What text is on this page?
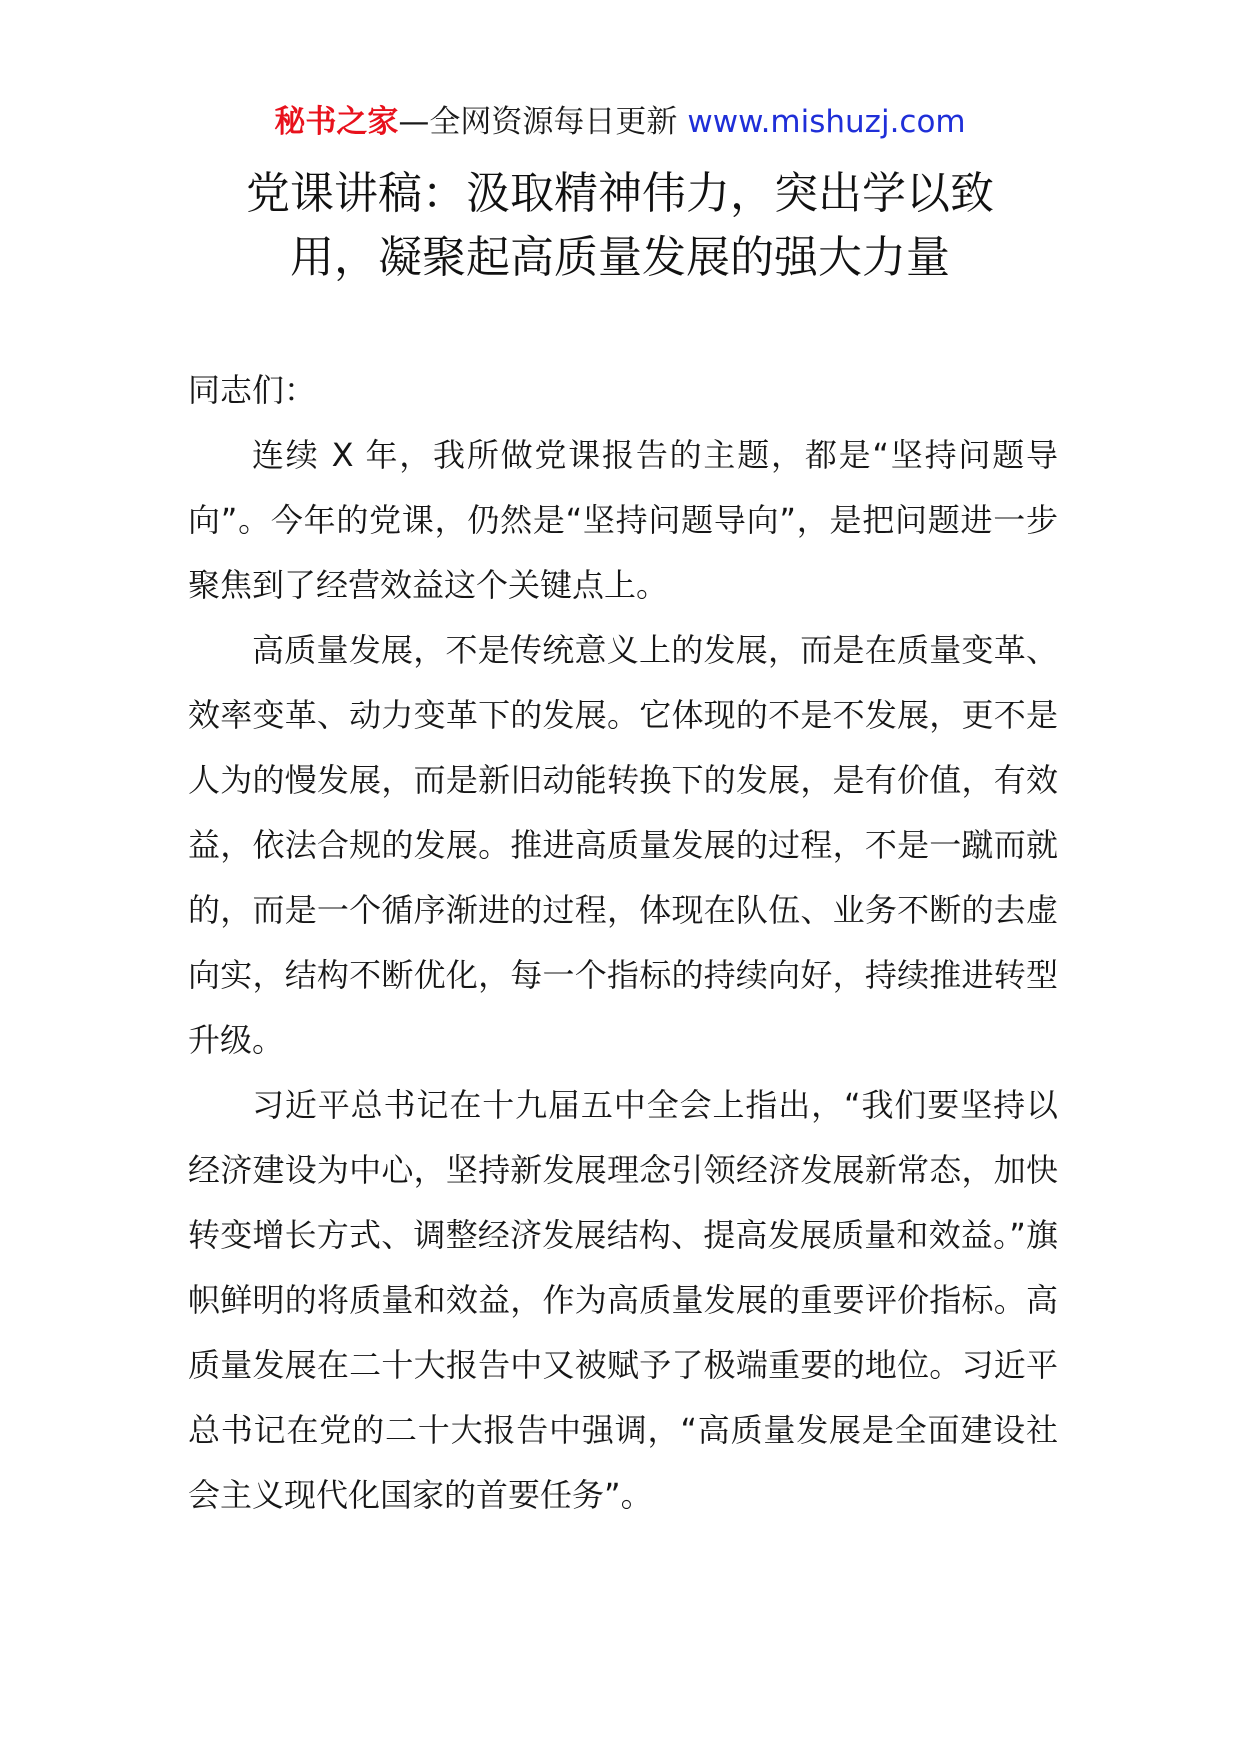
秘书之家—全网资源每日更新 www.mishuzj.com
党课讲稿：汲取精神伟力，突出学以致
用，凝聚起高质量发展的强大力量

同志们：

连续 X 年，我所做党课报告的主题，都是“坚持问题导向”。今年的党课，仍然是“坚持问题导向”，是把问题进一步聚焦到了经营效益这个关键点上。

高质量发展，不是传统意义上的发展，而是在质量变革、效率变革、动力变革下的发展。它体现的不是不发展，更不是人为的慢发展，而是新旧动能转换下的发展，是有价值，有效益，依法合规的发展。推进高质量发展的过程，不是一蹴而就的，而是一个循序渐进的过程，体现在队伍、业务不断的去虚向实，结构不断优化，每一个指标的持续向好，持续推进转型升级。

习近平总书记在十九届五中全会上指出，“我们要坚持以经济建设为中心，坚持新发展理念引领经济发展新常态，加快转变增长方式、调整经济发展结构、提高发展质量和效益。”旗帜鲜明的将质量和效益，作为高质量发展的重要评价指标。高质量发展在二十大报告中又被赋予了极端重要的地位。习近平总书记在党的二十大报告中强调，“高质量发展是全面建设社会主义现代化国家的首要任务”。
